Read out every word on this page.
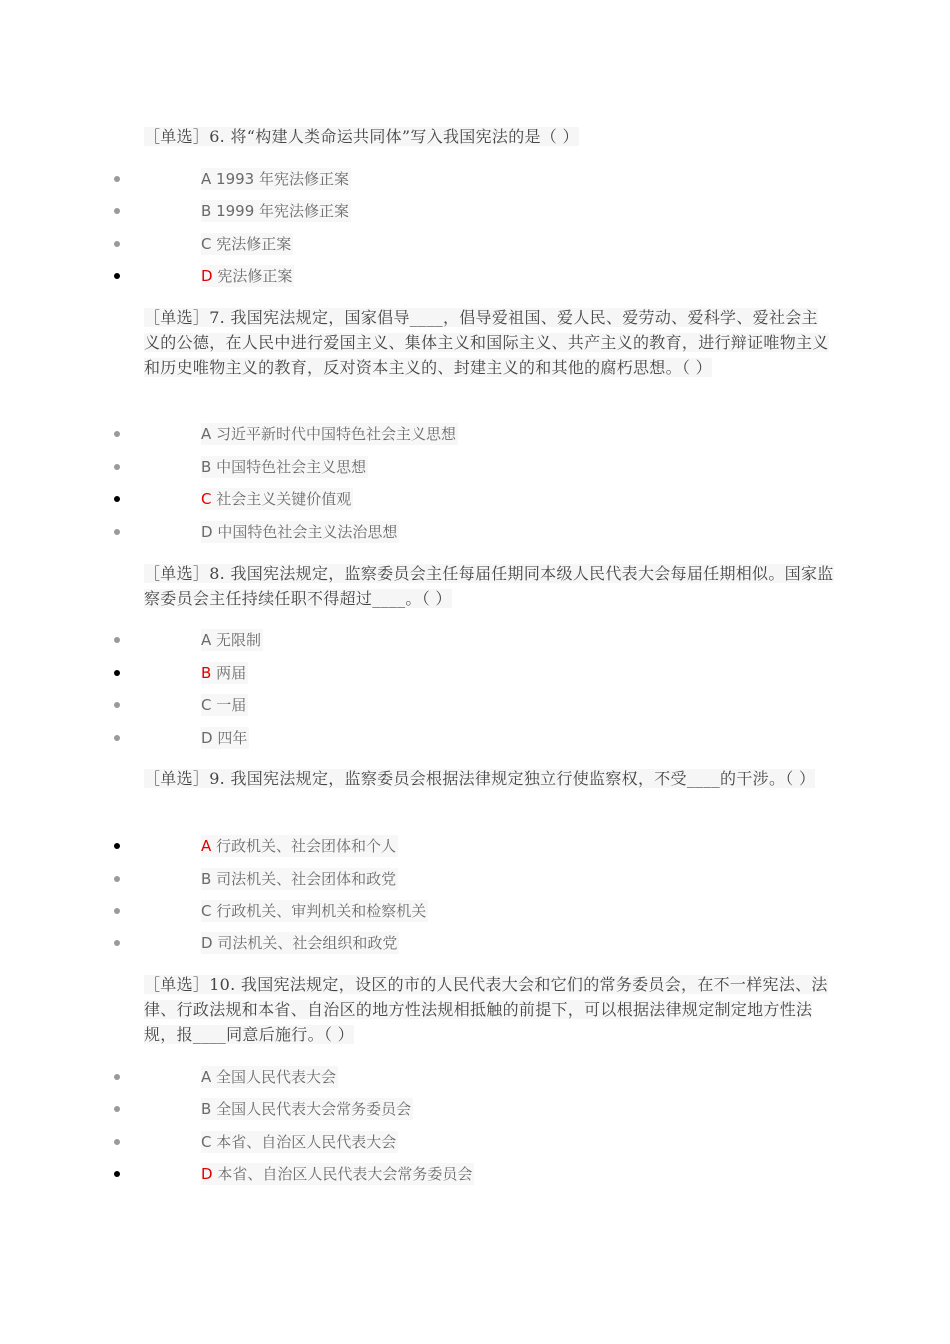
［单选］6. 将“构建人类命运共同体”写入我国宪法的是（ ）
A 1993 年宪法修正案
B 1999 年宪法修正案
C 宪法修正案
D 宪法修正案
［单选］7. 我国宪法规定，国家倡导____，倡导爱祖国、爱人民、爱劳动、爱科学、爱社会主义的公德，在人民中进行爱国主义、集体主义和国际主义、共产主义的教育，进行辩证唯物主义和历史唯物主义的教育，反对资本主义的、封建主义的和其他的腐朽思想。（ ）
A 习近平新时代中国特色社会主义思想
B 中国特色社会主义思想
C 社会主义关键价值观
D 中国特色社会主义法治思想
［单选］8. 我国宪法规定，监察委员会主任每届任期同本级人民代表大会每届任期相似。国家监察委员会主任持续任职不得超过____。（ ）
A 无限制
B 两届
C 一届
D 四年
［单选］9. 我国宪法规定，监察委员会根据法律规定独立行使监察权，不受____的干涉。（ ）
A 行政机关、社会团体和个人
B 司法机关、社会团体和政党
C 行政机关、审判机关和检察机关
D 司法机关、社会组织和政党
［单选］10. 我国宪法规定，设区的市的人民代表大会和它们的常务委员会，在不一样宪法、法律、行政法规和本省、自治区的地方性法规相抵触的前提下，可以根据法律规定制定地方性法规，报____同意后施行。（ ）
A 全国人民代表大会
B 全国人民代表大会常务委员会
C 本省、自治区人民代表大会
D 本省、自治区人民代表大会常务委员会
